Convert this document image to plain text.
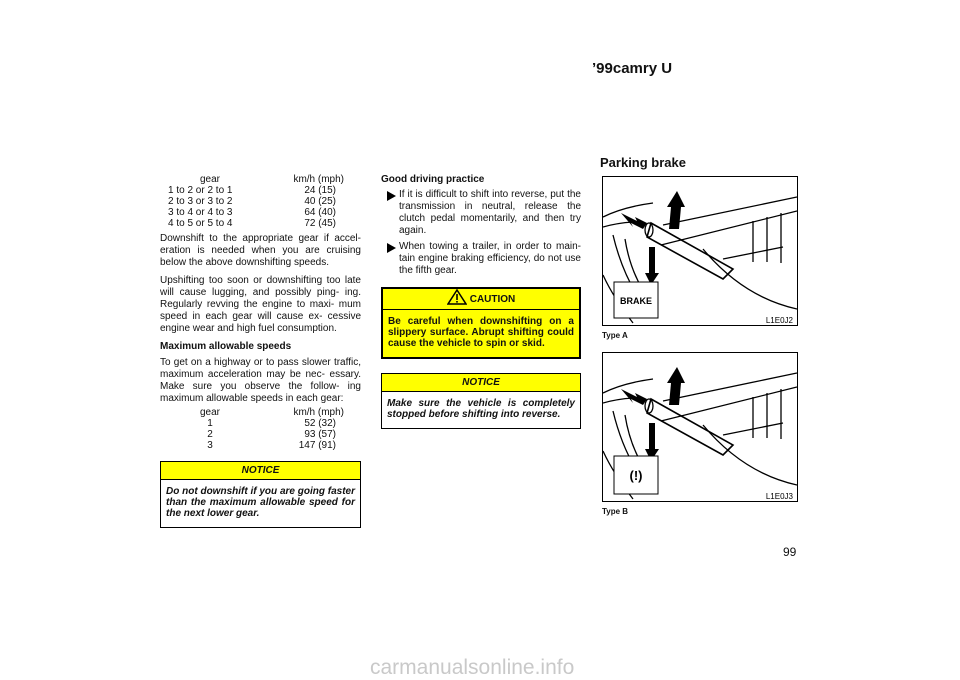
’99camry U
Parking brake
gear	km/h (mph)
1 to 2 or 2 to 1	24 (15)
2 to 3 or 3 to 2	40 (25)
3 to 4 or 4 to 3	64 (40)
4 to 5 or 5 to 4	72 (45)

Downshift to the appropriate gear if accel- eration is needed when you are cruising below the above downshifting speeds.

Upshifting too soon or downshifting too late will cause lugging, and possibly ping- ing. Regularly revving the engine to maxi- mum speed in each gear will cause ex- cessive engine wear and high fuel consumption.

Maximum allowable speeds

To get on a highway or to pass slower traffic, maximum acceleration may be nec- essary. Make sure you observe the follow- ing maximum allowable speeds in each gear:

gear	km/h (mph)
1	52 (32)
2	93 (57)
3	147 (91)
NOTICE
Do not downshift if you are going faster than the maximum allowable speed for the next lower gear.

Good driving practice

If it is difficult to shift into reverse, put the transmission in neutral, release the clutch pedal momentarily, and then try again.
When towing a trailer, in order to main- tain engine braking efficiency, do not use the fifth gear.
CAUTION
Be careful when downshifting on a slippery surface. Abrupt shifting could cause the vehicle to spin or skid.
NOTICE
Make sure the vehicle is completely stopped before shifting into reverse.
BRAKE
L1E0J2
Type A
(!)
L1E0J3
Type B
99
carmanualsonline.info
